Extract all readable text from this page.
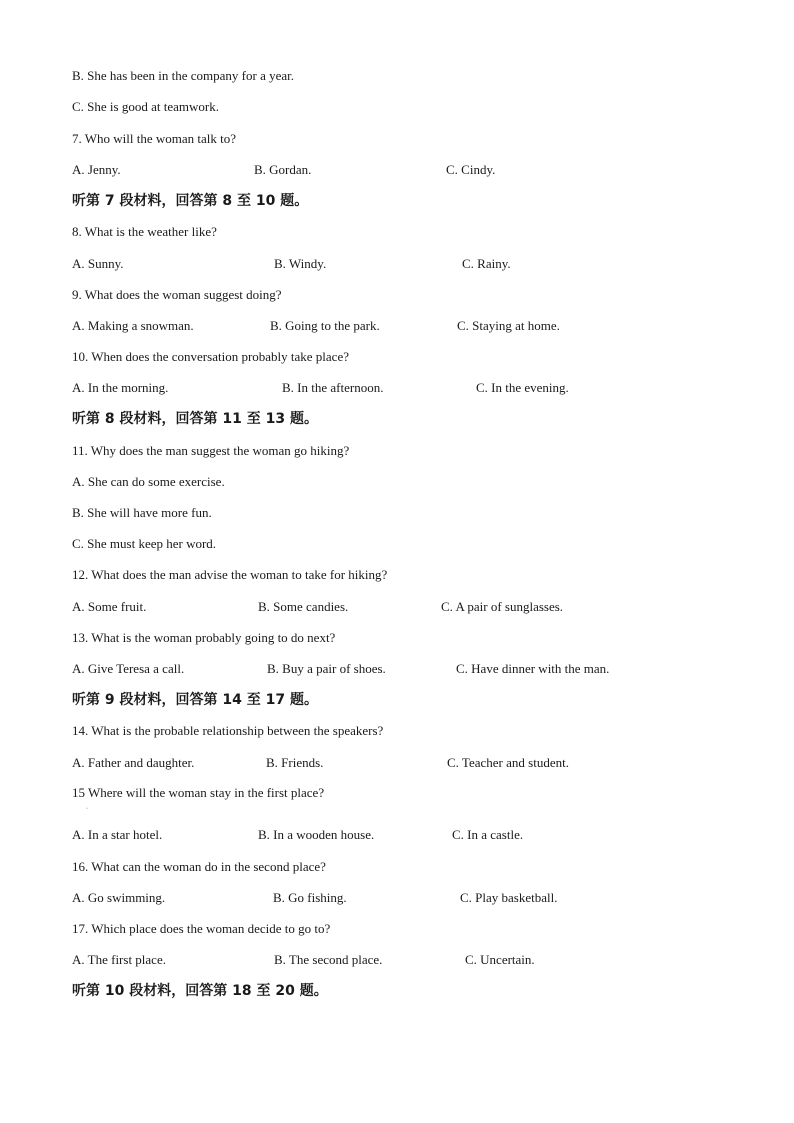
B. She has been in the company for a year.
C. She is good at teamwork.
7. Who will the woman talk to?
A. Jenny.	B. Gordan.	C. Cindy.
听第 7 段材料，回答第 8 至 10 题。
8. What is the weather like?
A. Sunny.	B. Windy.	C. Rainy.
9. What does the woman suggest doing?
A. Making a snowman.	B. Going to the park.	C. Staying at home.
10. When does the conversation probably take place?
A. In the morning.	B. In the afternoon.	C. In the evening.
听第 8 段材料，回答第 11 至 13 题。
11. Why does the man suggest the woman go hiking?
A. She can do some exercise.
B. She will have more fun.
C. She must keep her word.
12. What does the man advise the woman to take for hiking?
A. Some fruit.	B. Some candies.	C. A pair of sunglasses.
13. What is the woman probably going to do next?
A. Give Teresa a call.	B. Buy a pair of shoes.	C. Have dinner with the man.
听第 9 段材料，回答第 14 至 17 题。
14. What is the probable relationship between the speakers?
A. Father and daughter.	B. Friends.	C. Teacher and student.
15 Where will the woman stay in the first place?
·
A. In a star hotel.	B. In a wooden house.	C. In a castle.
16. What can the woman do in the second place?
A. Go swimming.	B. Go fishing.	C. Play basketball.
17. Which place does the woman decide to go to?
A. The first place.	B. The second place.	C. Uncertain.
听第 10 段材料，回答第 18 至 20 题。
